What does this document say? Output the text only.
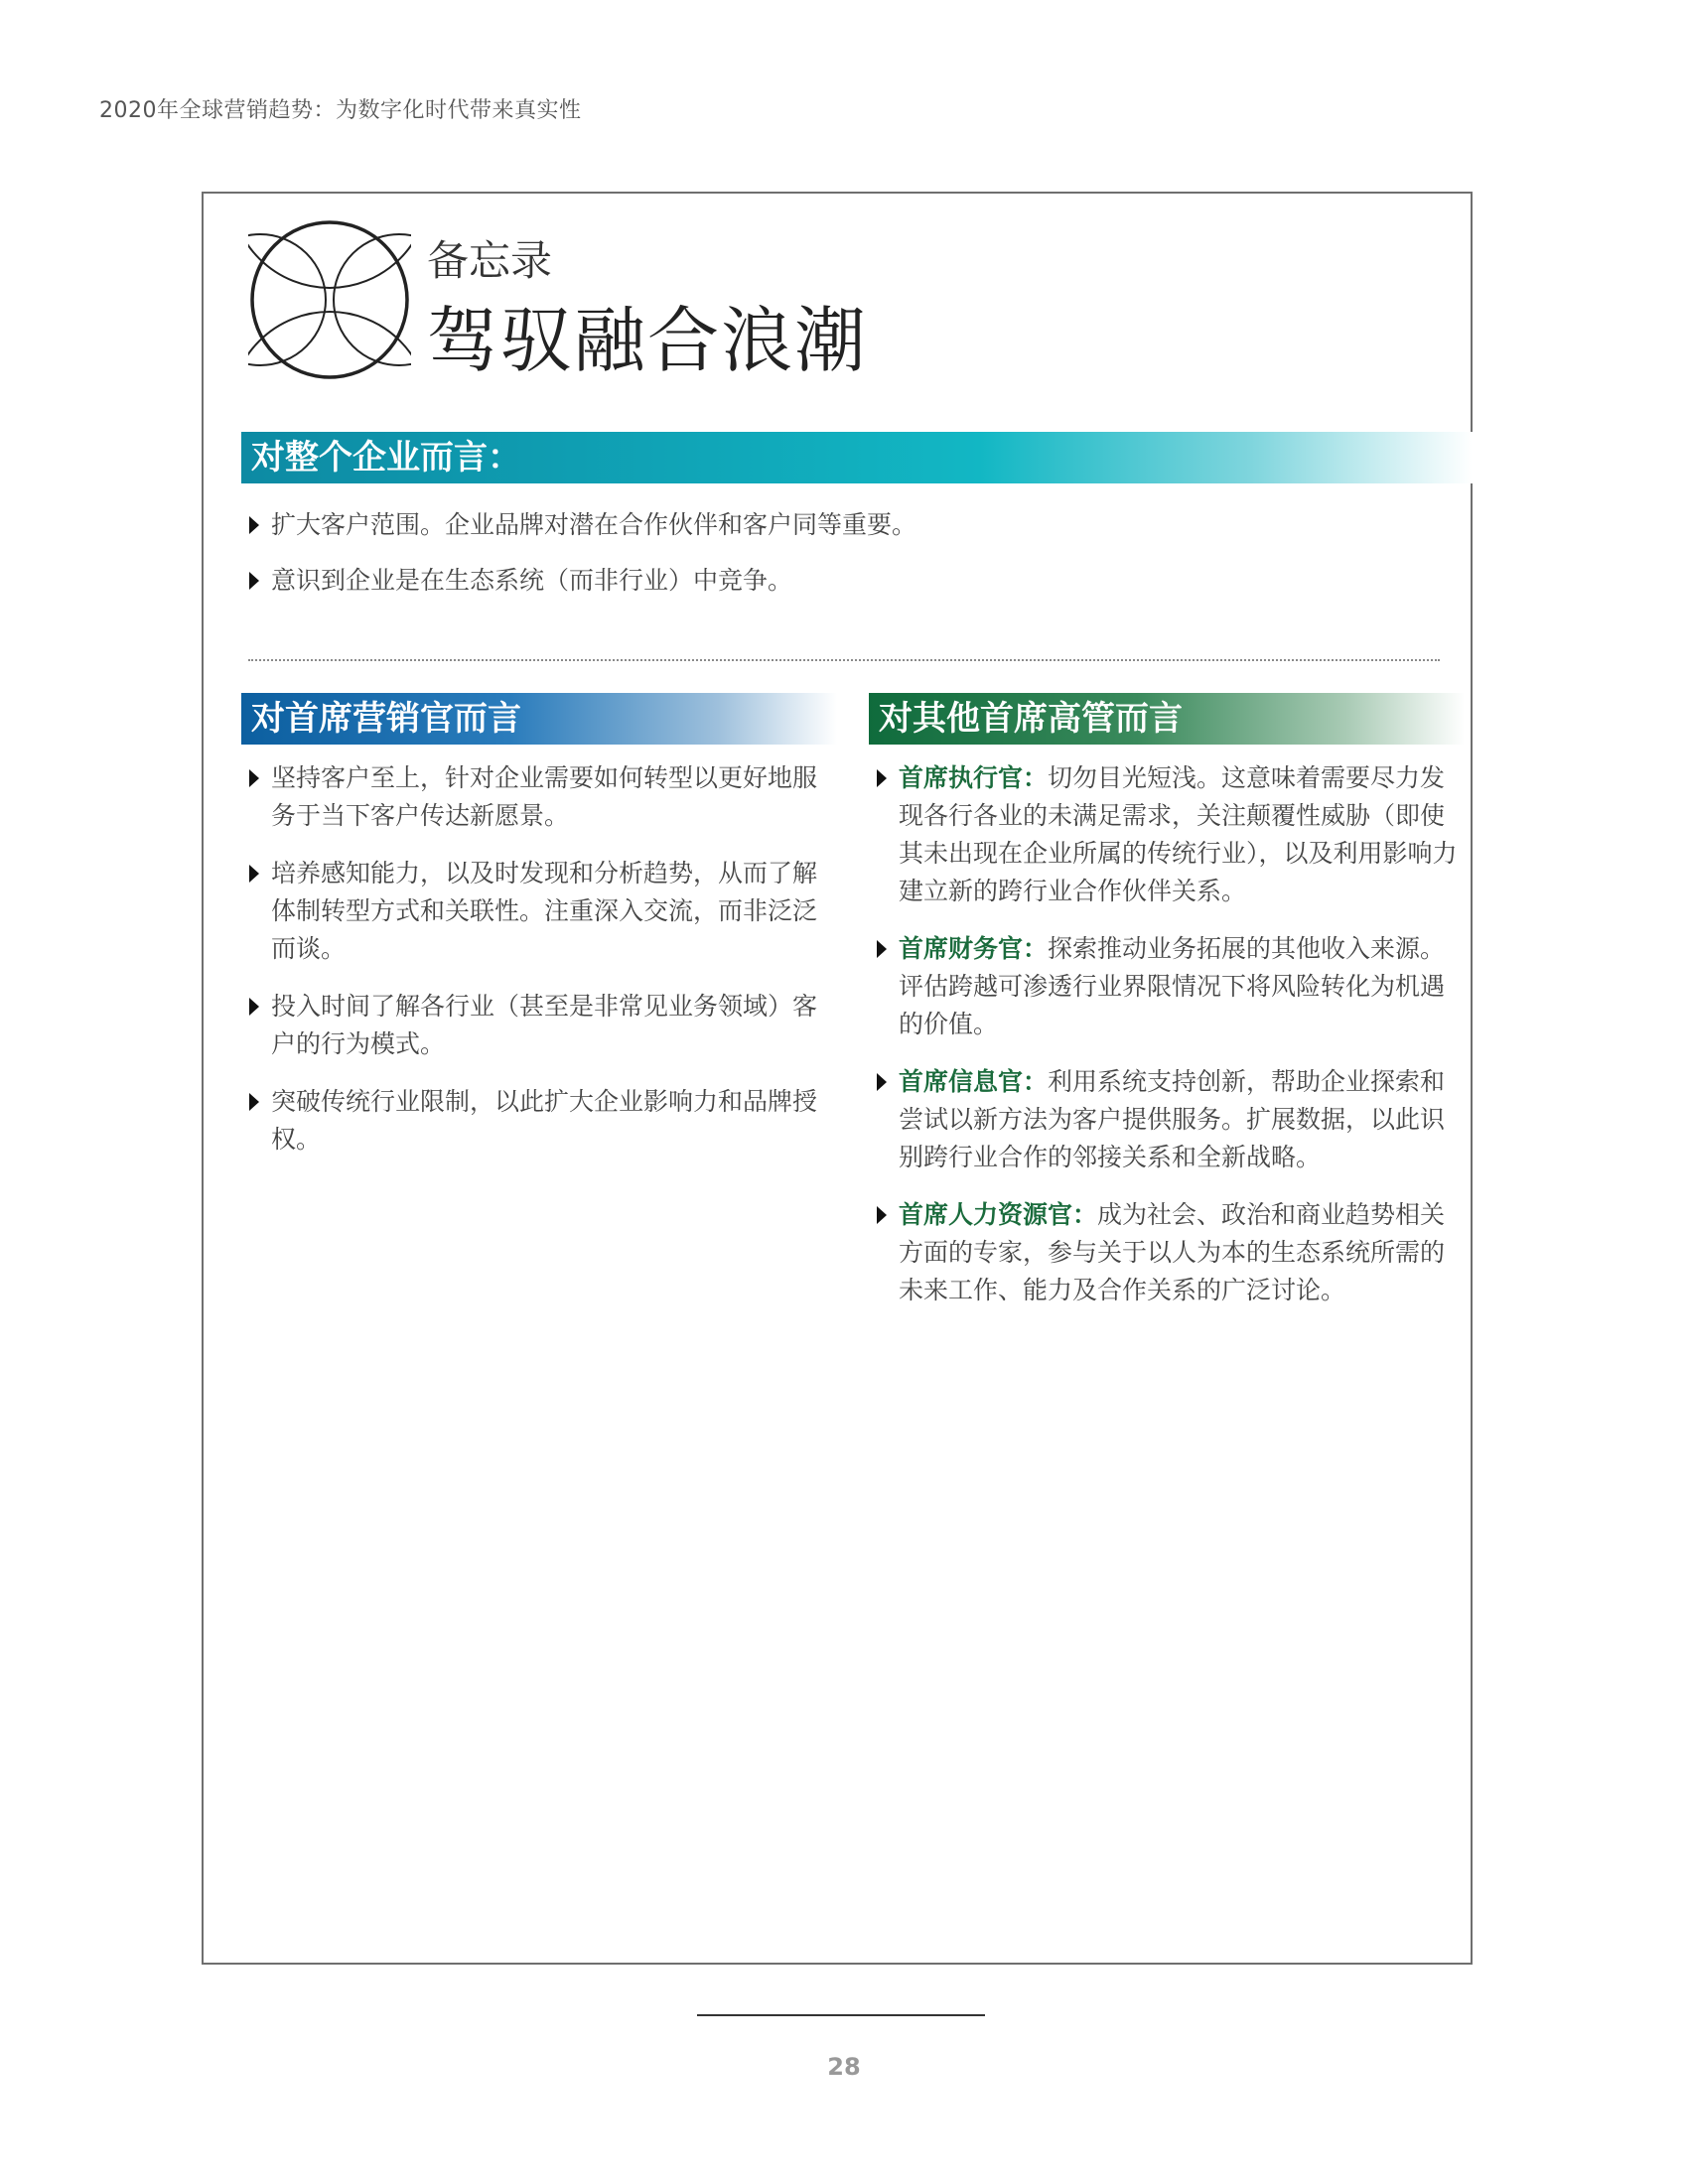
2020年全球营销趋势：为数字化时代带来真实性
备忘录
驾驭融合浪潮
对整个企业而言：
扩大客户范围。企业品牌对潜在合作伙伴和客户同等重要。
意识到企业是在生态系统（而非行业）中竞争。
对首席营销官而言
坚持客户至上，针对企业需要如何转型以更好地服务于当下客户传达新愿景。
培养感知能力，以及时发现和分析趋势，从而了解体制转型方式和关联性。注重深入交流，而非泛泛而谈。
投入时间了解各行业（甚至是非常见业务领域）客户的行为模式。
突破传统行业限制，以此扩大企业影响力和品牌授权。
对其他首席高管而言
首席执行官：切勿目光短浅。这意味着需要尽力发现各行各业的未满足需求，关注颠覆性威胁（即使其未出现在企业所属的传统行业），以及利用影响力建立新的跨行业合作伙伴关系。
首席财务官：探索推动业务拓展的其他收入来源。评估跨越可渗透行业界限情况下将风险转化为机遇的价值。
首席信息官：利用系统支持创新，帮助企业探索和尝试以新方法为客户提供服务。扩展数据，以此识别跨行业合作的邻接关系和全新战略。
首席人力资源官：成为社会、政治和商业趋势相关方面的专家，参与关于以人为本的生态系统所需的未来工作、能力及合作关系的广泛讨论。
28
